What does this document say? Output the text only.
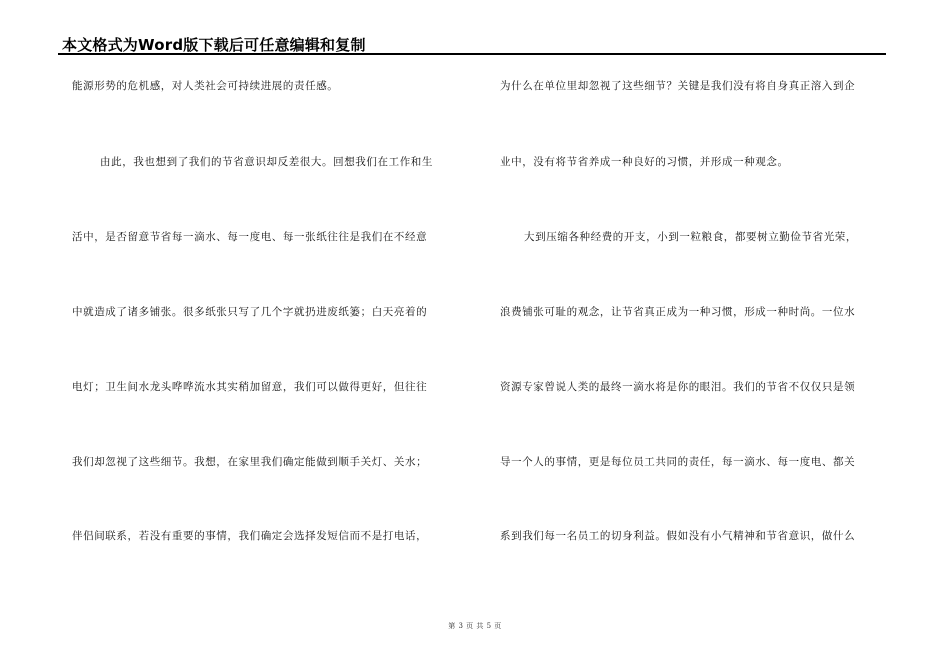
本文格式为Word版下载后可任意编辑和复制
能源形势的危机感，对人类社会可持续进展的责任感。
由此，我也想到了我们的节省意识却反差很大。回想我们在工作和生
活中，是否留意节省每一滴水、每一度电、每一张纸往往是我们在不经意
中就造成了诸多铺张。很多纸张只写了几个字就扔进废纸篓；白天亮着的
电灯；卫生间水龙头哗哗流水其实稍加留意，我们可以做得更好，但往往
我们却忽视了这些细节。我想，在家里我们确定能做到顺手关灯、关水；
伴侣间联系，若没有重要的事情，我们确定会选择发短信而不是打电话，
为什么在单位里却忽视了这些细节？关键是我们没有将自身真正溶入到企
业中，没有将节省养成一种良好的习惯，并形成一种观念。
大到压缩各种经费的开支，小到一粒粮食，都要树立勤俭节省光荣，
浪费铺张可耻的观念，让节省真正成为一种习惯，形成一种时尚。一位水
资源专家曾说人类的最终一滴水将是你的眼泪。我们的节省不仅仅只是领
导一个人的事情，更是每位员工共同的责任，每一滴水、每一度电、都关
系到我们每一名员工的切身利益。假如没有小气精神和节省意识，做什么
第 3 页 共 5 页
